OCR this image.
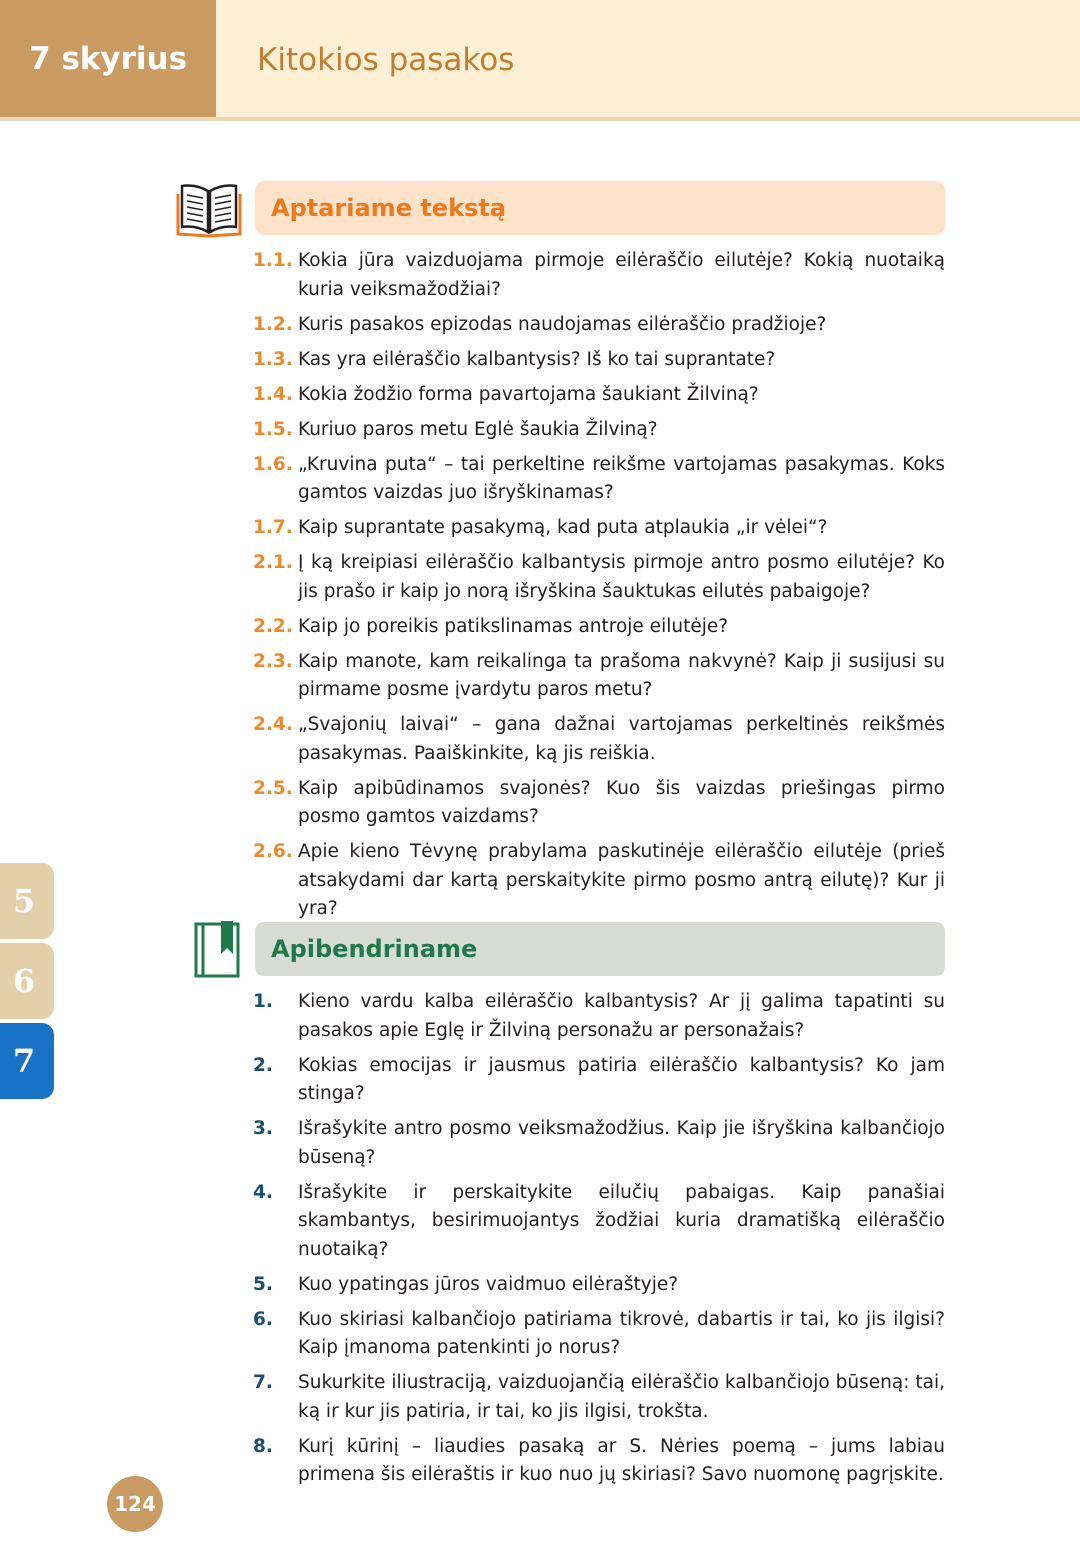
7 skyrius	Kitokios pasakos
Aptariame tekstą
1.1. Kokia jūra vaizduojama pirmoje eilėraščio eilutėje? Kokią nuotaiką kuria veiksmažodžiai?
1.2. Kuris pasakos epizodas naudojamas eilėraščio pradžioje?
1.3. Kas yra eilėraščio kalbantysis? Iš ko tai suprantate?
1.4. Kokia žodžio forma pavartojama šaukiant Žilviną?
1.5. Kuriuo paros metu Eglė šaukia Žilviną?
1.6. „Kruvina puta“ – tai perkeltine reikšme vartojamas pasakymas. Koks gamtos vaizdas juo išryškinamas?
1.7. Kaip suprantate pasakymą, kad puta atplaukia „ir vėlei“?
2.1. Į ką kreipiasi eilėraščio kalbantysis pirmoje antro posmo eilutėje? Ko jis prašo ir kaip jo norą išryškina šauktukas eilutės pabaigoje?
2.2. Kaip jo poreikis patikslinamas antroje eilutėje?
2.3. Kaip manote, kam reikalinga ta prašoma nakvynė? Kaip ji susijusi su pirmame posme įvardytu paros metu?
2.4. „Svajonių laivai“ – gana dažnai vartojamas perkeltinės reikšmės pasakymas. Paaiškinkite, ką jis reiškia.
2.5. Kaip apibūdinamos svajonės? Kuo šis vaizdas priešingas pirmo posmo gamtos vaizdams?
2.6. Apie kieno Tėvynę prabylama paskutinėje eilėraščio eilutėje (prieš atsakydami dar kartą perskaitykite pirmo posmo antrą eilutę)? Kur ji yra?
Apibendriname
1. Kieno vardu kalba eilėraščio kalbantysis? Ar jį galima tapatinti su pasakos apie Eglę ir Žilviną personažu ar personažais?
2. Kokias emocijas ir jausmus patiria eilėraščio kalbantysis? Ko jam stinga?
3. Išrašykite antro posmo veiksmažodžius. Kaip jie išryškina kalbančiojo būseną?
4. Išrašykite ir perskaitykite eilučių pabaigas. Kaip panašiai skambantys, besirimuojantys žodžiai kuria dramatišką eilėraščio nuotaiką?
5. Kuo ypatingas jūros vaidmuo eilėraštyje?
6. Kuo skiriasi kalbančiojo patiriama tikrovė, dabartis ir tai, ko jis ilgisi? Kaip įmanoma patenkinti jo norus?
7. Sukurkite iliustraciją, vaizduojančią eilėraščio kalbančiojo būseną: tai, ką ir kur jis patiria, ir tai, ko jis ilgisi, trokšta.
8. Kurį kūrinį – liaudies pasaką ar S. Nėries poemą – jums labiau primena šis eilėraštis ir kuo nuo jų skiriasi? Savo nuomonę pagrįskite.
5
6
7
124
